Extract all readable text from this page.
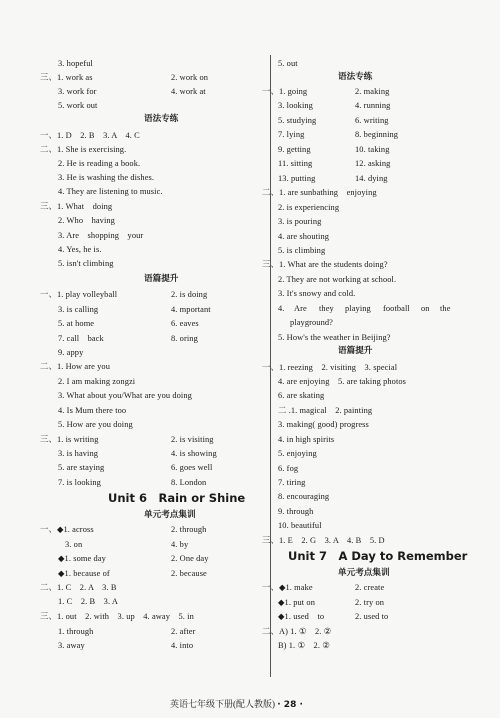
3. hopeful
三、1. work as	2. work on
3. work for	4. work at
5. work out
语法专练
一、1. D　2. B　3. A　4. C
二、1. She is exercising.
2. He is reading a book.
3. He is washing the dishes.
4. They are listening to music.
三、1. What　doing
2. Who　having
3. Are　shopping　your
4. Yes, he is.
5. isn't climbing
语篇提升
一、1. play volleyball	2. is doing
3. is calling	4. mportant
5. at home	6. eaves
7. call　back	8. oring
9. appy
二、1. How are you
2. I am making zongzi
3. What about you/What are you doing
4. Is Mum there too
5. How are you doing
三、1. is writing	2. is visiting
3. is having	4. is showing
5. are staying	6. goes well
7. is looking	8. London
Unit 6　Rain or Shine
单元考点集训
一、◆1. across	2. through
3. on	4. by
◆1. some day	2. One day
◆1. because of	2. because
二、1. C　2. A　3. B
1. C　2. B　3. A
三、1. out　2. with　3. up　4. away　5. in
1. through	2. after
3. away	4. into
5. out
语法专练
一、1. going	2. making
3. looking	4. running
5. studying	6. writing
7. lying	8. beginning
9. getting	10. taking
11. sitting	12. asking
13. putting	14. dying
二、1. are sunbathing　enjoying
2. is experiencing
3. is pouring
4. are shouting
5. is climbing
三、1. What are the students doing?
2. They are not working at school.
3. It's snowy and cold.
4. Are they playing football on the
playground?
5. How's the weather in Beijing?
语篇提升
一、1. reezing　2. visiting　3. special
4. are enjoying　5. are taking photos
6. are skating
二 .1. magical　2. painting
3. making( good) progress
4. in high spirits
5. enjoying
6. fog
7. tiring
8. encouraging
9. through
10. beautiful
三、1. E　2. G　3. A　4. B　5. D
Unit 7　A Day to Remember
单元考点集训
一、◆1. make	2. create
◆1. put on	2. try on
◆1. used　to	2. used to
二、A) 1. ①　2. ②
B) 1. ①　2. ②
英语七年级下册(配人教版) · 28 ·
